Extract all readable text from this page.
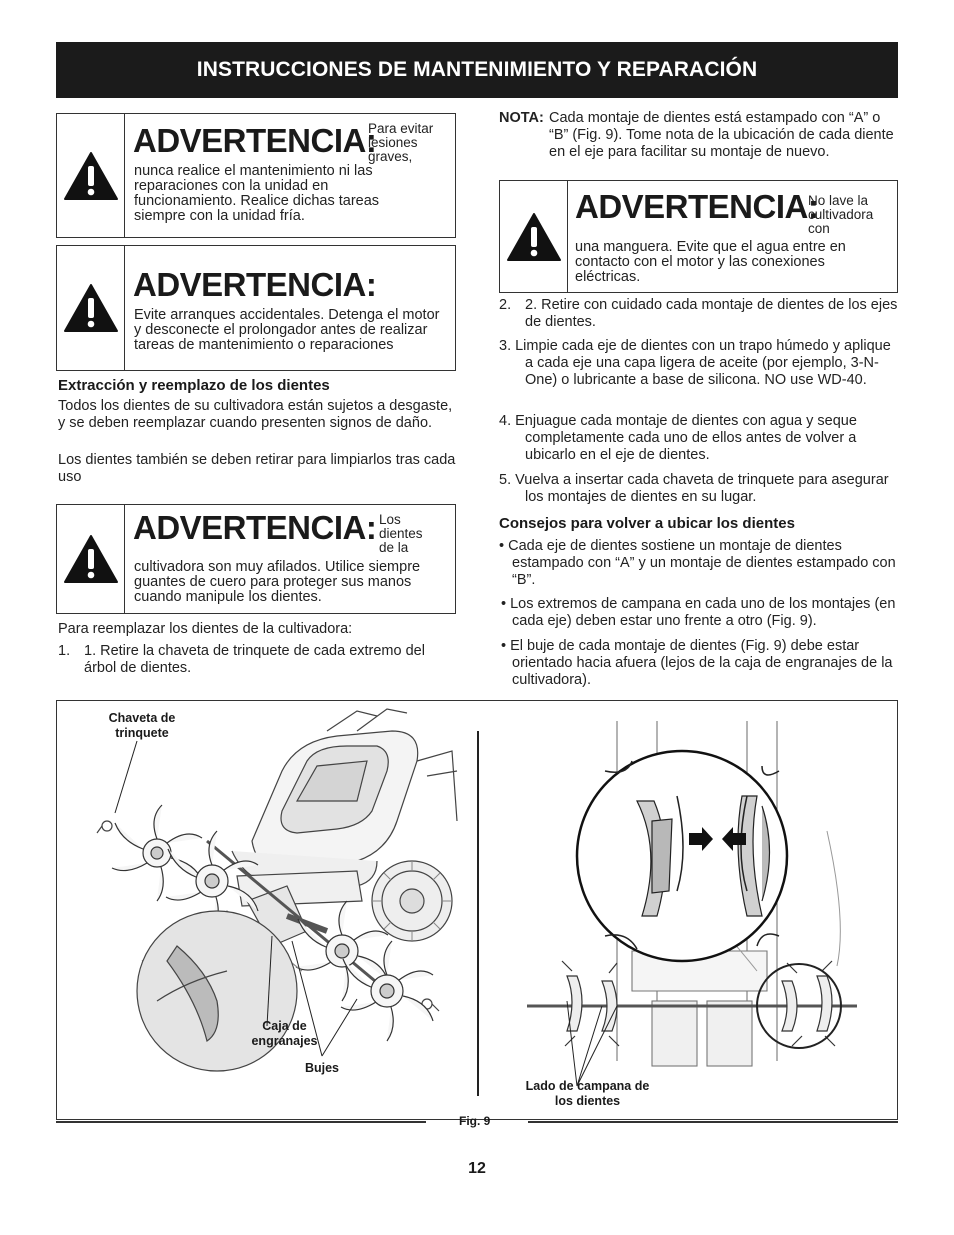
INSTRUCCIONES DE MANTENIMIENTO Y REPARACIÓN
ADVERTENCIA:
Para evitar lesiones graves,
nunca realice el mantenimiento ni las reparaciones con la unidad en funcionamiento. Realice dichas tareas siempre con la unidad fría.
ADVERTENCIA:
Evite arranques accidentales. Detenga el motor y desconecte el prolongador antes de realizar tareas de mantenimiento o reparaciones
Extracción y reemplazo de los dientes
Todos los dientes de su cultivadora están sujetos a desgaste, y se deben reemplazar cuando presenten signos de daño.
Los dientes también se deben retirar para limpiarlos tras cada uso
ADVERTENCIA: Los dientes de la
cultivadora son muy afilados. Utilice siempre guantes de cuero para proteger sus manos cuando manipule los dientes.
Para reemplazar los dientes de la cultivadora:
1. 1. Retire la chaveta de trinquete de cada extremo del árbol de dientes.
NOTA: Cada montaje de dientes está estampado con “A” o “B” (Fig. 9). Tome nota de la ubicación de cada diente en el eje para facilitar su montaje de nuevo.
ADVERTENCIA:
No lave la cultivadora con
una manguera. Evite que el agua entre en contacto con el motor y las conexiones eléctricas.
2. 2. Retire con cuidado cada montaje de dientes de los ejes de dientes.
3. Limpie cada eje de dientes con un trapo húmedo y aplique a cada eje una capa ligera de aceite (por ejemplo, 3-N-One) o lubricante a base de silicona. NO use WD-40.
4. Enjuague cada montaje de dientes con agua y seque completamente cada uno de ellos antes de volver a ubicarlo en el eje de dientes.
5. Vuelva a insertar cada chaveta de trinquete para asegurar los montajes de dientes en su lugar.
Consejos para volver a ubicar los dientes
• Cada eje de dientes sostiene un montaje de dientes estampado con “A” y un montaje de dientes estampado con “B”.
• Los extremos de campana en cada uno de los montajes (en cada eje) deben estar uno frente a otro (Fig. 9).
• El buje de cada montaje de dientes (Fig. 9) debe estar orientado hacia afuera (lejos de la caja de engranajes de la cultivadora).
Chaveta de trinquete
Caja de engranajes
Bujes
Lado de campana de los dientes
Fig. 9
12
